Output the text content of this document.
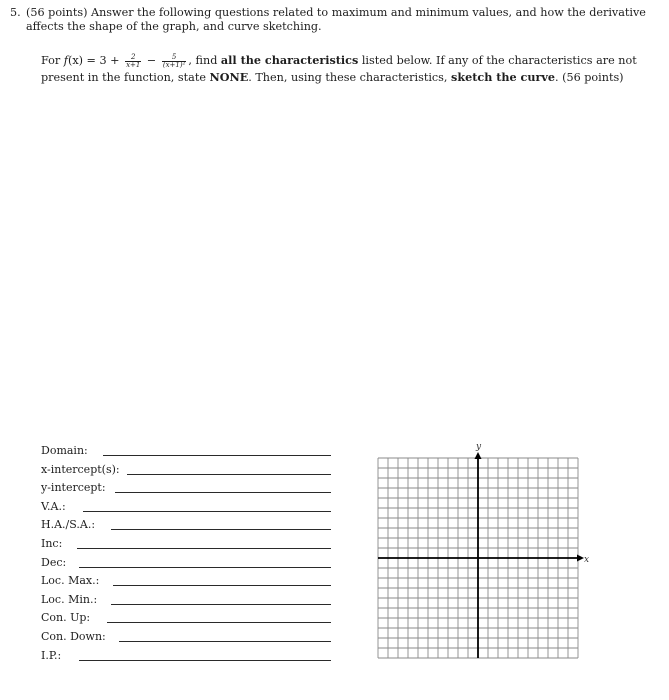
5. (56 points) Answer the following questions related to maximum and minimum values, and how the derivative
affects the shape of the graph, and curve sketching.
For $f(x) = 3 + \frac{2}{x+1} - \frac{5}{\text{(x+1)²}}$ , find all the characteristics listed below. If any of the characteristics are not
present in the function, state NONE. Then, using these characteristics, sketch the curve. (56 points)
Domain:
x-intercept(s):
y-intercept:
V.A.:
H.A./S.A.:
Inc:
Dec:
Loc. Max.:
Loc. Min.:
Con. Up:
Con. Down:
I.P.:
x
y
